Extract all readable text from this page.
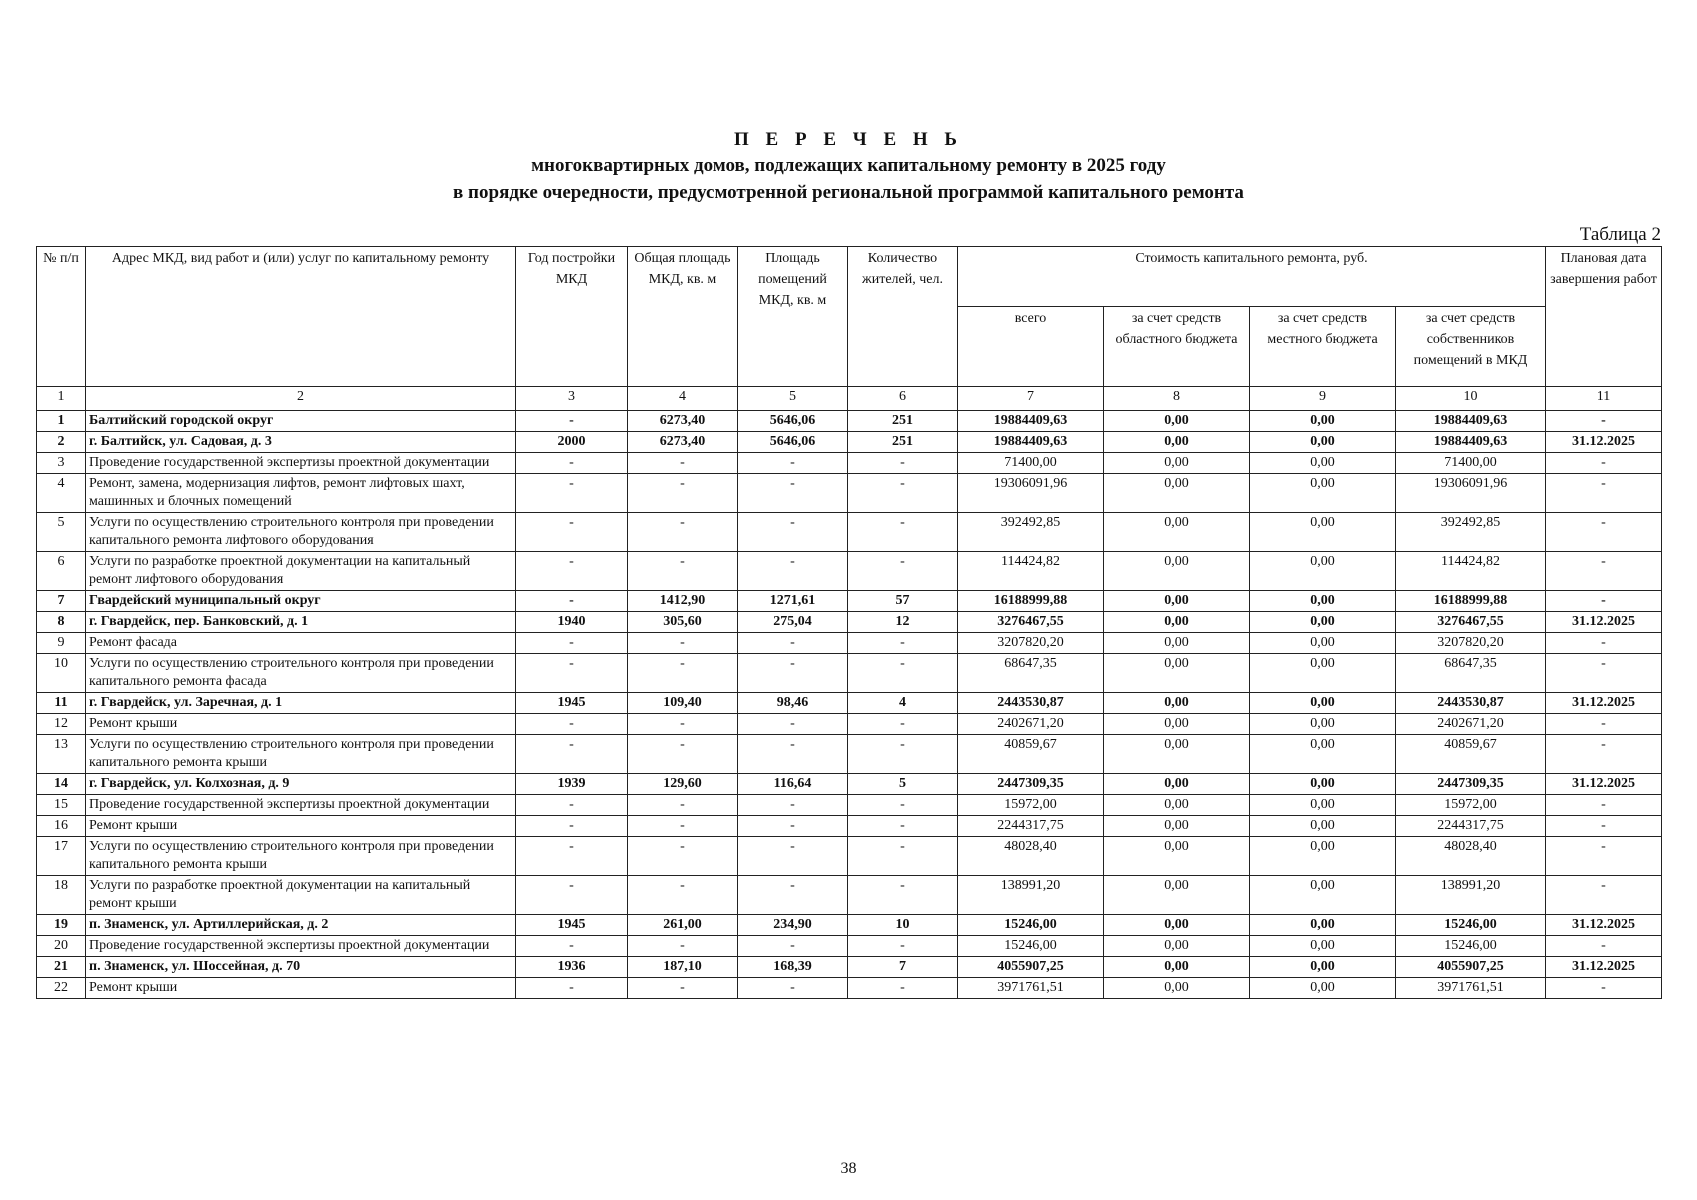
П Е Р Е Ч Е Н Ь
многоквартирных домов, подлежащих капитальному ремонту в 2025 году
в порядке очередности, предусмотренной региональной программой капитального ремонта
Таблица 2
№ п/п	Адрес МКД, вид работ и (или) услуг по капитальному ремонту	Год постройки МКД	Общая площадь МКД, кв. м	Площадь помещений МКД, кв. м	Количество жителей, чел.	Стоимость капитального ремонта, руб.				Плановая дата завершения работ
						всего	за счет средств областного бюджета	за счет средств местного бюджета	за счет средств собственников помещений в МКД	
1	2	3	4	5	6	7	8	9	10	11
1	Балтийский городской округ	-	6273,40	5646,06	251	19884409,63	0,00	0,00	19884409,63	-
2	г. Балтийск, ул. Садовая, д. 3	2000	6273,40	5646,06	251	19884409,63	0,00	0,00	19884409,63	31.12.2025
3	Проведение государственной экспертизы проектной документации	-	-	-	-	71400,00	0,00	0,00	71400,00	-
4	Ремонт, замена, модернизация лифтов, ремонт лифтовых шахт, машинных и блочных помещений	-	-	-	-	19306091,96	0,00	0,00	19306091,96	-
5	Услуги по осуществлению строительного контроля при проведении капитального ремонта лифтового оборудования	-	-	-	-	392492,85	0,00	0,00	392492,85	-
6	Услуги по разработке проектной документации на капитальный ремонт лифтового оборудования	-	-	-	-	114424,82	0,00	0,00	114424,82	-
7	Гвардейский муниципальный округ	-	1412,90	1271,61	57	16188999,88	0,00	0,00	16188999,88	-
8	г. Гвардейск, пер. Банковский, д. 1	1940	305,60	275,04	12	3276467,55	0,00	0,00	3276467,55	31.12.2025
9	Ремонт фасада	-	-	-	-	3207820,20	0,00	0,00	3207820,20	-
10	Услуги по осуществлению строительного контроля при проведении капитального ремонта фасада	-	-	-	-	68647,35	0,00	0,00	68647,35	-
11	г. Гвардейск, ул. Заречная, д. 1	1945	109,40	98,46	4	2443530,87	0,00	0,00	2443530,87	31.12.2025
12	Ремонт крыши	-	-	-	-	2402671,20	0,00	0,00	2402671,20	-
13	Услуги по осуществлению строительного контроля при проведении капитального ремонта крыши	-	-	-	-	40859,67	0,00	0,00	40859,67	-
14	г. Гвардейск, ул. Колхозная, д. 9	1939	129,60	116,64	5	2447309,35	0,00	0,00	2447309,35	31.12.2025
15	Проведение государственной экспертизы проектной документации	-	-	-	-	15972,00	0,00	0,00	15972,00	-
16	Ремонт крыши	-	-	-	-	2244317,75	0,00	0,00	2244317,75	-
17	Услуги по осуществлению строительного контроля при проведении капитального ремонта крыши	-	-	-	-	48028,40	0,00	0,00	48028,40	-
18	Услуги по разработке проектной документации на капитальный ремонт крыши	-	-	-	-	138991,20	0,00	0,00	138991,20	-
19	п. Знаменск, ул. Артиллерийская, д. 2	1945	261,00	234,90	10	15246,00	0,00	0,00	15246,00	31.12.2025
20	Проведение государственной экспертизы проектной документации	-	-	-	-	15246,00	0,00	0,00	15246,00	-
21	п. Знаменск, ул. Шоссейная, д. 70	1936	187,10	168,39	7	4055907,25	0,00	0,00	4055907,25	31.12.2025
22	Ремонт крыши	-	-	-	-	3971761,51	0,00	0,00	3971761,51	-
38
